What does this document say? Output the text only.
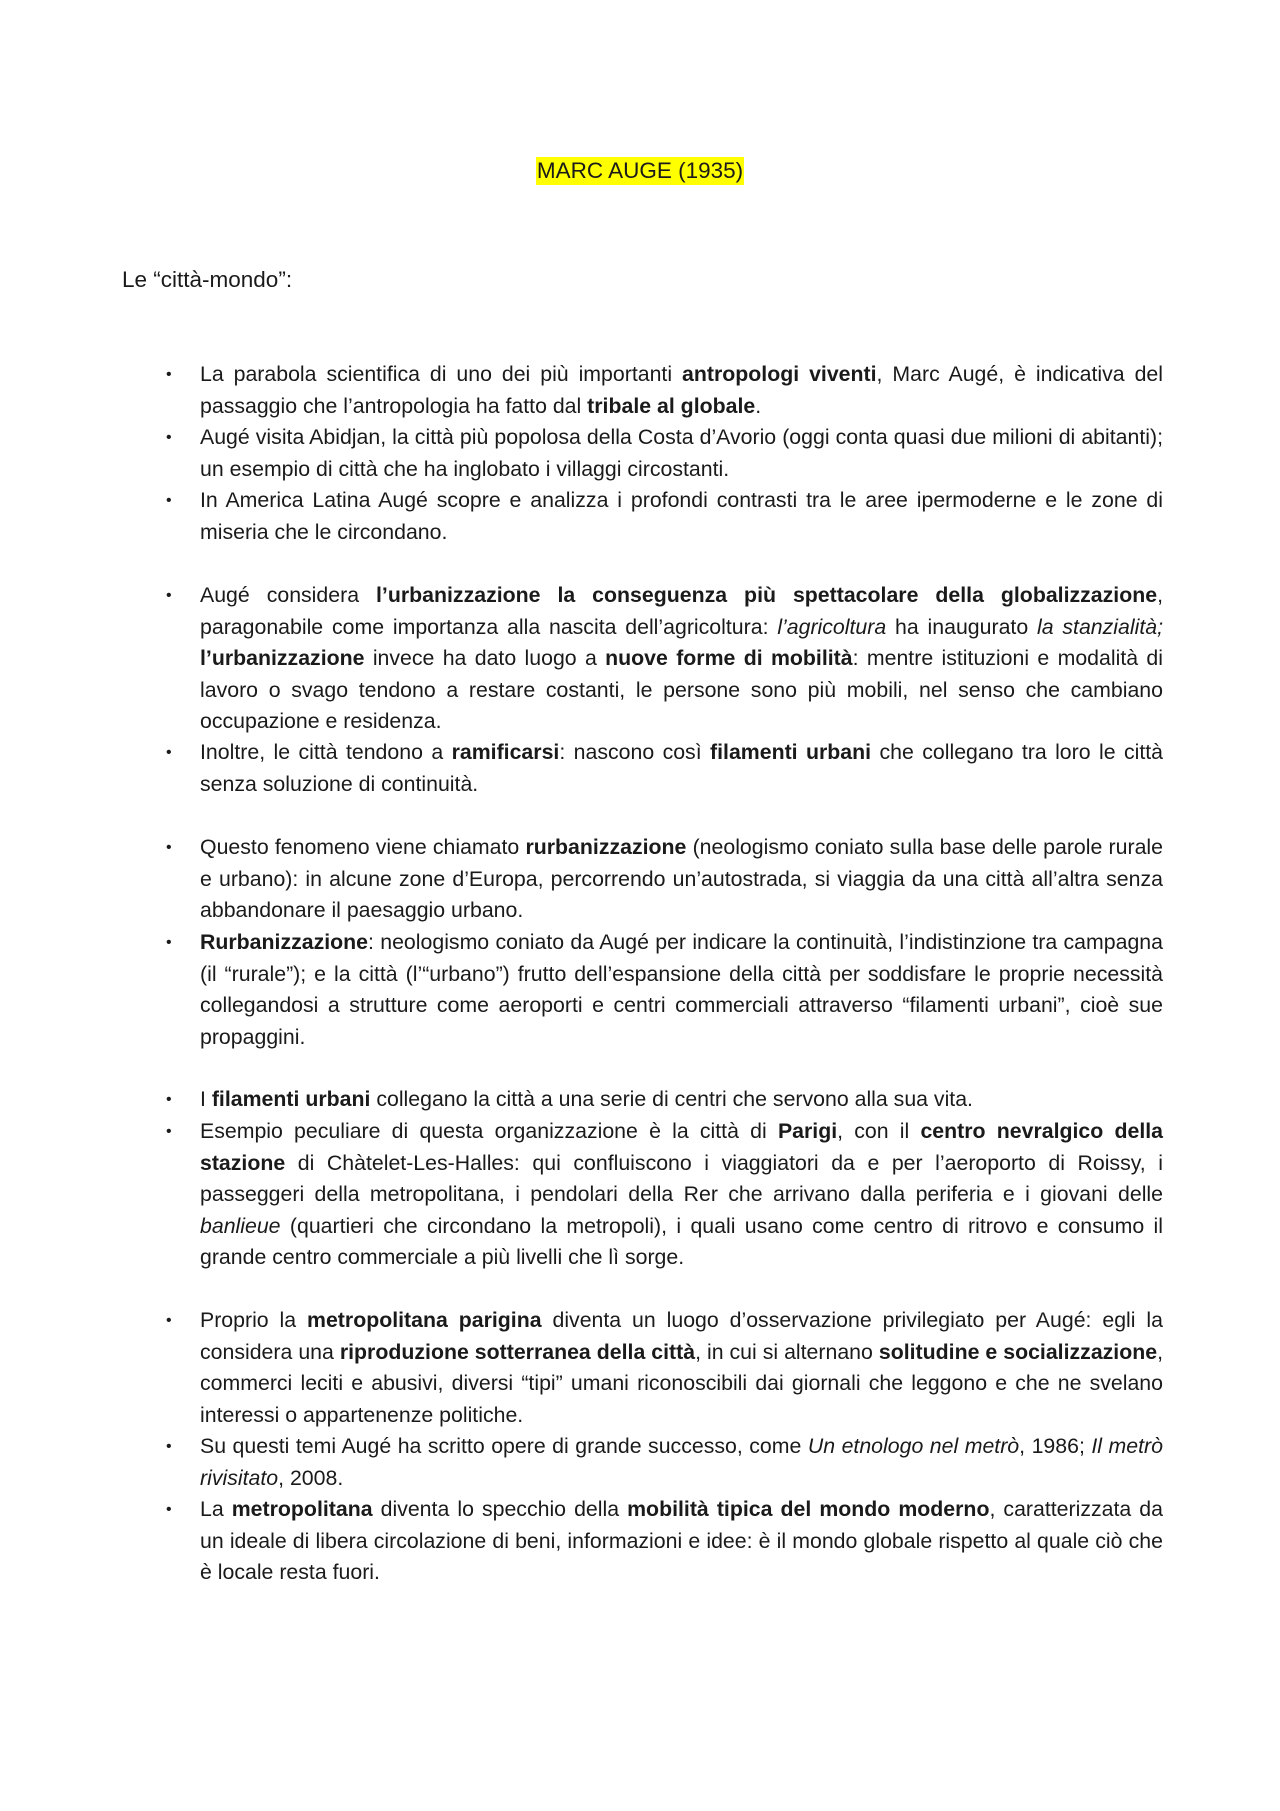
MARC AUGE (1935)
Le “città-mondo”:
• La parabola scientifica di uno dei più importanti antropologi viventi, Marc Augé, è indicativa del passaggio che l’antropologia ha fatto dal tribale al globale.
• Augé visita Abidjan, la città più popolosa della Costa d’Avorio (oggi conta quasi due milioni di abitanti); un esempio di città che ha inglobato i villaggi circostanti.
• In America Latina Augé scopre e analizza i profondi contrasti tra le aree ipermoderne e le zone di miseria che le circondano.
• Augé considera l’urbanizzazione la conseguenza più spettacolare della globalizzazione, paragonabile come importanza alla nascita dell’agricoltura: l’agricoltura ha inaugurato la stanzialità; l’urbanizzazione invece ha dato luogo a nuove forme di mobilità: mentre istituzioni e modalità di lavoro o svago tendono a restare costanti, le persone sono più mobili, nel senso che cambiano occupazione e residenza.
• Inoltre, le città tendono a ramificarsi: nascono così filamenti urbani che collegano tra loro le città senza soluzione di continuità.
• Questo fenomeno viene chiamato rurbanizzazione (neologismo coniato sulla base delle parole rurale e urbano): in alcune zone d’Europa, percorrendo un’autostrada, si viaggia da una città all’altra senza abbandonare il paesaggio urbano.
• Rurbanizzazione: neologismo coniato da Augé per indicare la continuità, l’indistinzione tra campagna (il “rurale”); e la città (l’“urbano”) frutto dell’espansione della città per soddisfare le proprie necessità collegandosi a strutture come aeroporti e centri commerciali attraverso “filamenti urbani”, cioè sue propaggini.
• I filamenti urbani collegano la città a una serie di centri che servono alla sua vita.
• Esempio peculiare di questa organizzazione è la città di Parigi, con il centro nevralgico della stazione di Chàtelet-Les-Halles: qui confluiscono i viaggiatori da e per l’aeroporto di Roissy, i passeggeri della metropolitana, i pendolari della Rer che arrivano dalla periferia e i giovani delle banlieue (quartieri che circondano la metropoli), i quali usano come centro di ritrovo e consumo il grande centro commerciale a più livelli che lì sorge.
• Proprio la metropolitana parigina diventa un luogo d’osservazione privilegiato per Augé: egli la considera una riproduzione sotterranea della città, in cui si alternano solitudine e socializzazione, commerci leciti e abusivi, diversi “tipi” umani riconoscibili dai giornali che leggono e che ne svelano interessi o appartenenze politiche.
• Su questi temi Augé ha scritto opere di grande successo, come Un etnologo nel metrò, 1986; Il metrò rivisitato, 2008.
• La metropolitana diventa lo specchio della mobilità tipica del mondo moderno, caratterizzata da un ideale di libera circolazione di beni, informazioni e idee: è il mondo globale rispetto al quale ciò che è locale resta fuori.
